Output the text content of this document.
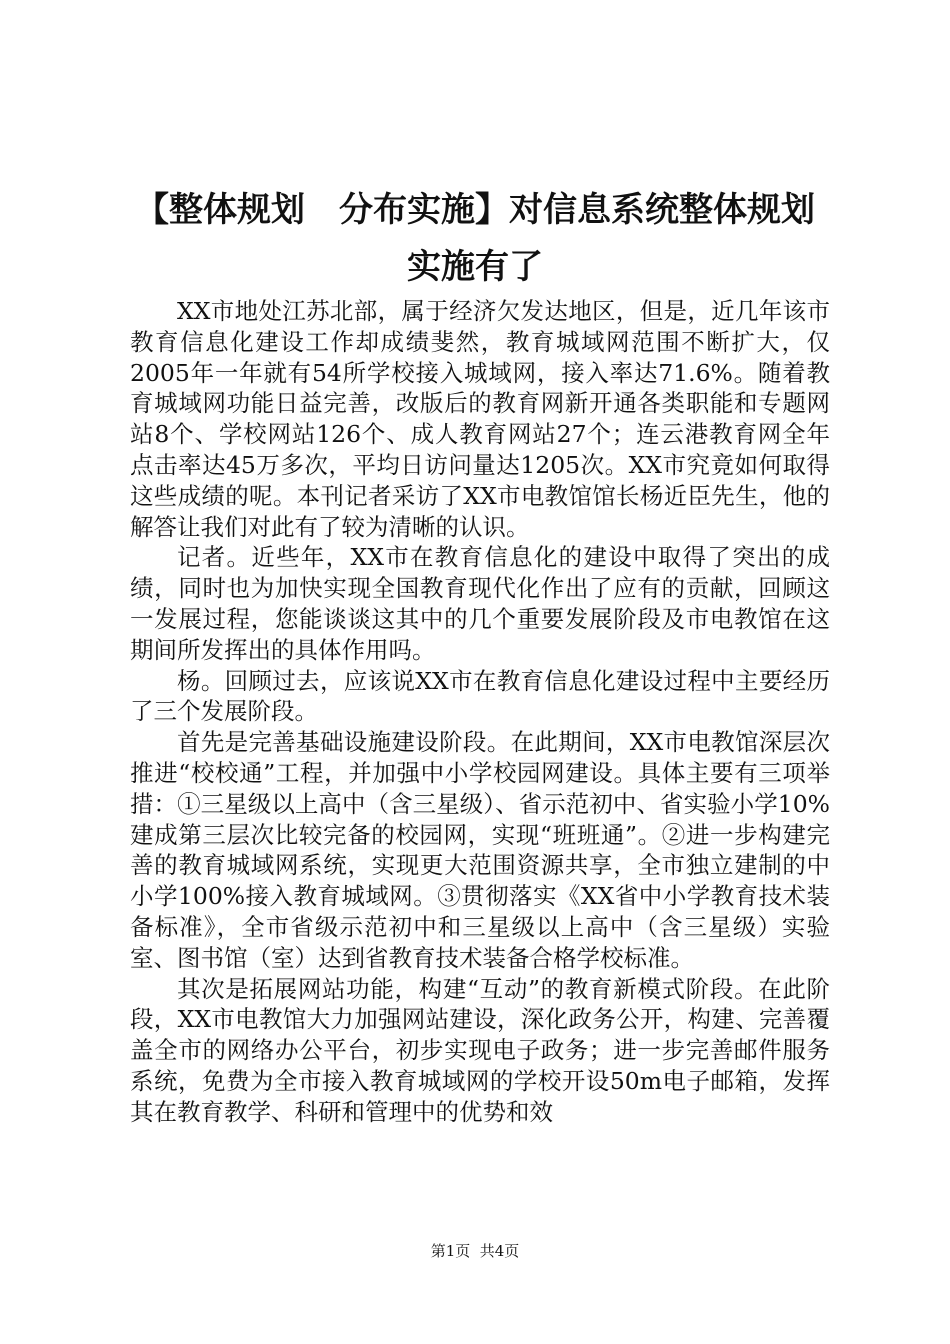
【整体规划　分布实施】对信息系统整体规划
实施有了

XX市地处江苏北部，属于经济欠发达地区，但是，近几年该市教育信息化建设工作却成绩斐然，教育城域网范围不断扩大，仅2005年一年就有54所学校接入城域网，接入率达71.6%。随着教育城域网功能日益完善，改版后的教育网新开通各类职能和专题网站8个、学校网站126个、成人教育网站27个；连云港教育网全年点击率达45万多次，平均日访问量达1205次。XX市究竟如何取得这些成绩的呢。本刊记者采访了XX市电教馆馆长杨近臣先生，他的解答让我们对此有了较为清晰的认识。

记者。近些年，XX市在教育信息化的建设中取得了突出的成绩，同时也为加快实现全国教育现代化作出了应有的贡献，回顾这一发展过程，您能谈谈这其中的几个重要发展阶段及市电教馆在这期间所发挥出的具体作用吗。

杨。回顾过去，应该说XX市在教育信息化建设过程中主要经历了三个发展阶段。

首先是完善基础设施建设阶段。在此期间，XX市电教馆深层次推进“校校通”工程，并加强中小学校园网建设。具体主要有三项举措：①三星级以上高中（含三星级）、省示范初中、省实验小学10%建成第三层次比较完备的校园网，实现“班班通”。②进一步构建完善的教育城域网系统，实现更大范围资源共享，全市独立建制的中小学100%接入教育城域网。③贯彻落实《XX省中小学教育技术装备标准》，全市省级示范初中和三星级以上高中（含三星级）实验室、图书馆（室）达到省教育技术装备合格学校标准。

其次是拓展网站功能，构建“互动”的教育新模式阶段。在此阶段，XX市电教馆大力加强网站建设，深化政务公开，构建、完善覆盖全市的网络办公平台，初步实现电子政务；进一步完善邮件服务系统，免费为全市接入教育城域网的学校开设50m电子邮箱，发挥其在教育教学、科研和管理中的优势和效

第1页  共4页
